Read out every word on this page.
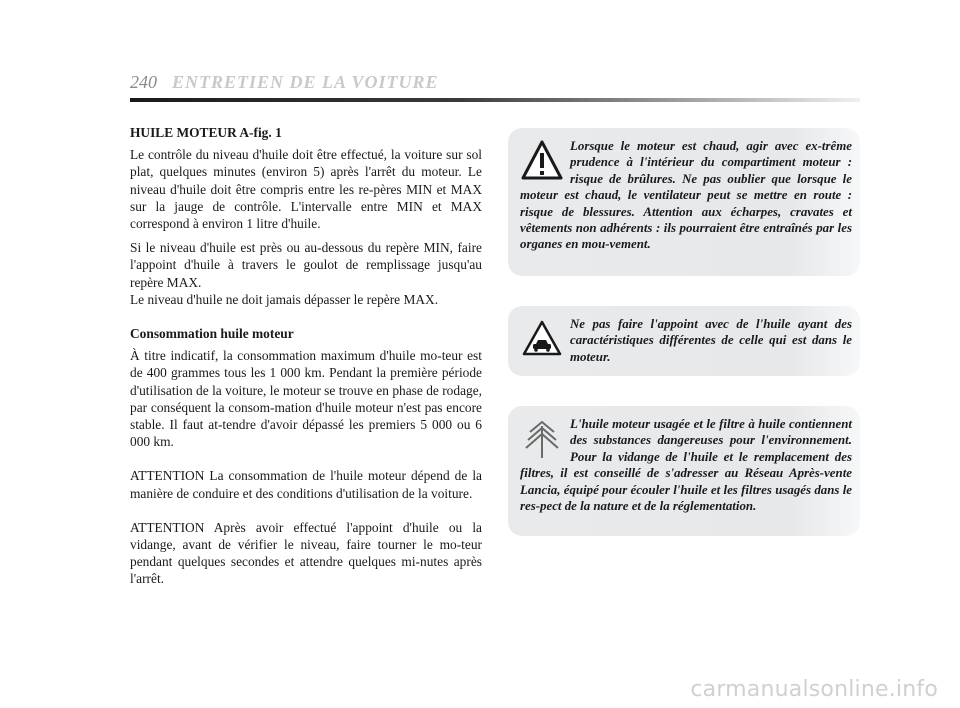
240 ENTRETIEN DE LA VOITURE

HUILE MOTEUR A-fig. 1

Le contrôle du niveau d'huile doit être effectué, la voiture sur sol plat, quelques minutes (environ 5) après l'arrêt du moteur. Le niveau d'huile doit être compris entre les re-pères MIN et MAX sur la jauge de contrôle. L'intervalle entre MIN et MAX correspond à environ 1 litre d'huile.

Si le niveau d'huile est près ou au-dessous du repère MIN, faire l'appoint d'huile à travers le goulot de remplissage jusqu'au repère MAX.

Le niveau d'huile ne doit jamais dépasser le repère MAX.

Consommation huile moteur

À titre indicatif, la consommation maximum d'huile mo-teur est de 400 grammes tous les 1 000 km. Pendant la première période d'utilisation de la voiture, le moteur se trouve en phase de rodage, par conséquent la consom-mation d'huile moteur n'est pas encore stable. Il faut at-tendre d'avoir dépassé les premiers 5 000 ou 6 000 km.

ATTENTION La consommation de l'huile moteur dépend de la manière de conduire et des conditions d'utilisation de la voiture.

ATTENTION Après avoir effectué l'appoint d'huile ou la vidange, avant de vérifier le niveau, faire tourner le mo-teur pendant quelques secondes et attendre quelques mi-nutes après l'arrêt.

Lorsque le moteur est chaud, agir avec ex-trême prudence à l'intérieur du compartiment moteur : risque de brûlures. Ne pas oublier que lorsque le moteur est chaud, le ventilateur peut se mettre en route : risque de blessures. Attention aux écharpes, cravates et vêtements non adhérents : ils pourraient être entraînés par les organes en mou-vement.
Ne pas faire l'appoint avec de l'huile ayant des caractéristiques différentes de celle qui est dans le moteur.
L'huile moteur usagée et le filtre à huile contiennent des substances dangereuses pour l'environnement. Pour la vidange de l'huile et le remplacement des filtres, il est conseillé de s'adresser au Réseau Après-vente Lancia, équipé pour écouler l'huile et les filtres usagés dans le res-pect de la nature et de la réglementation.
carmanualsonline.info
